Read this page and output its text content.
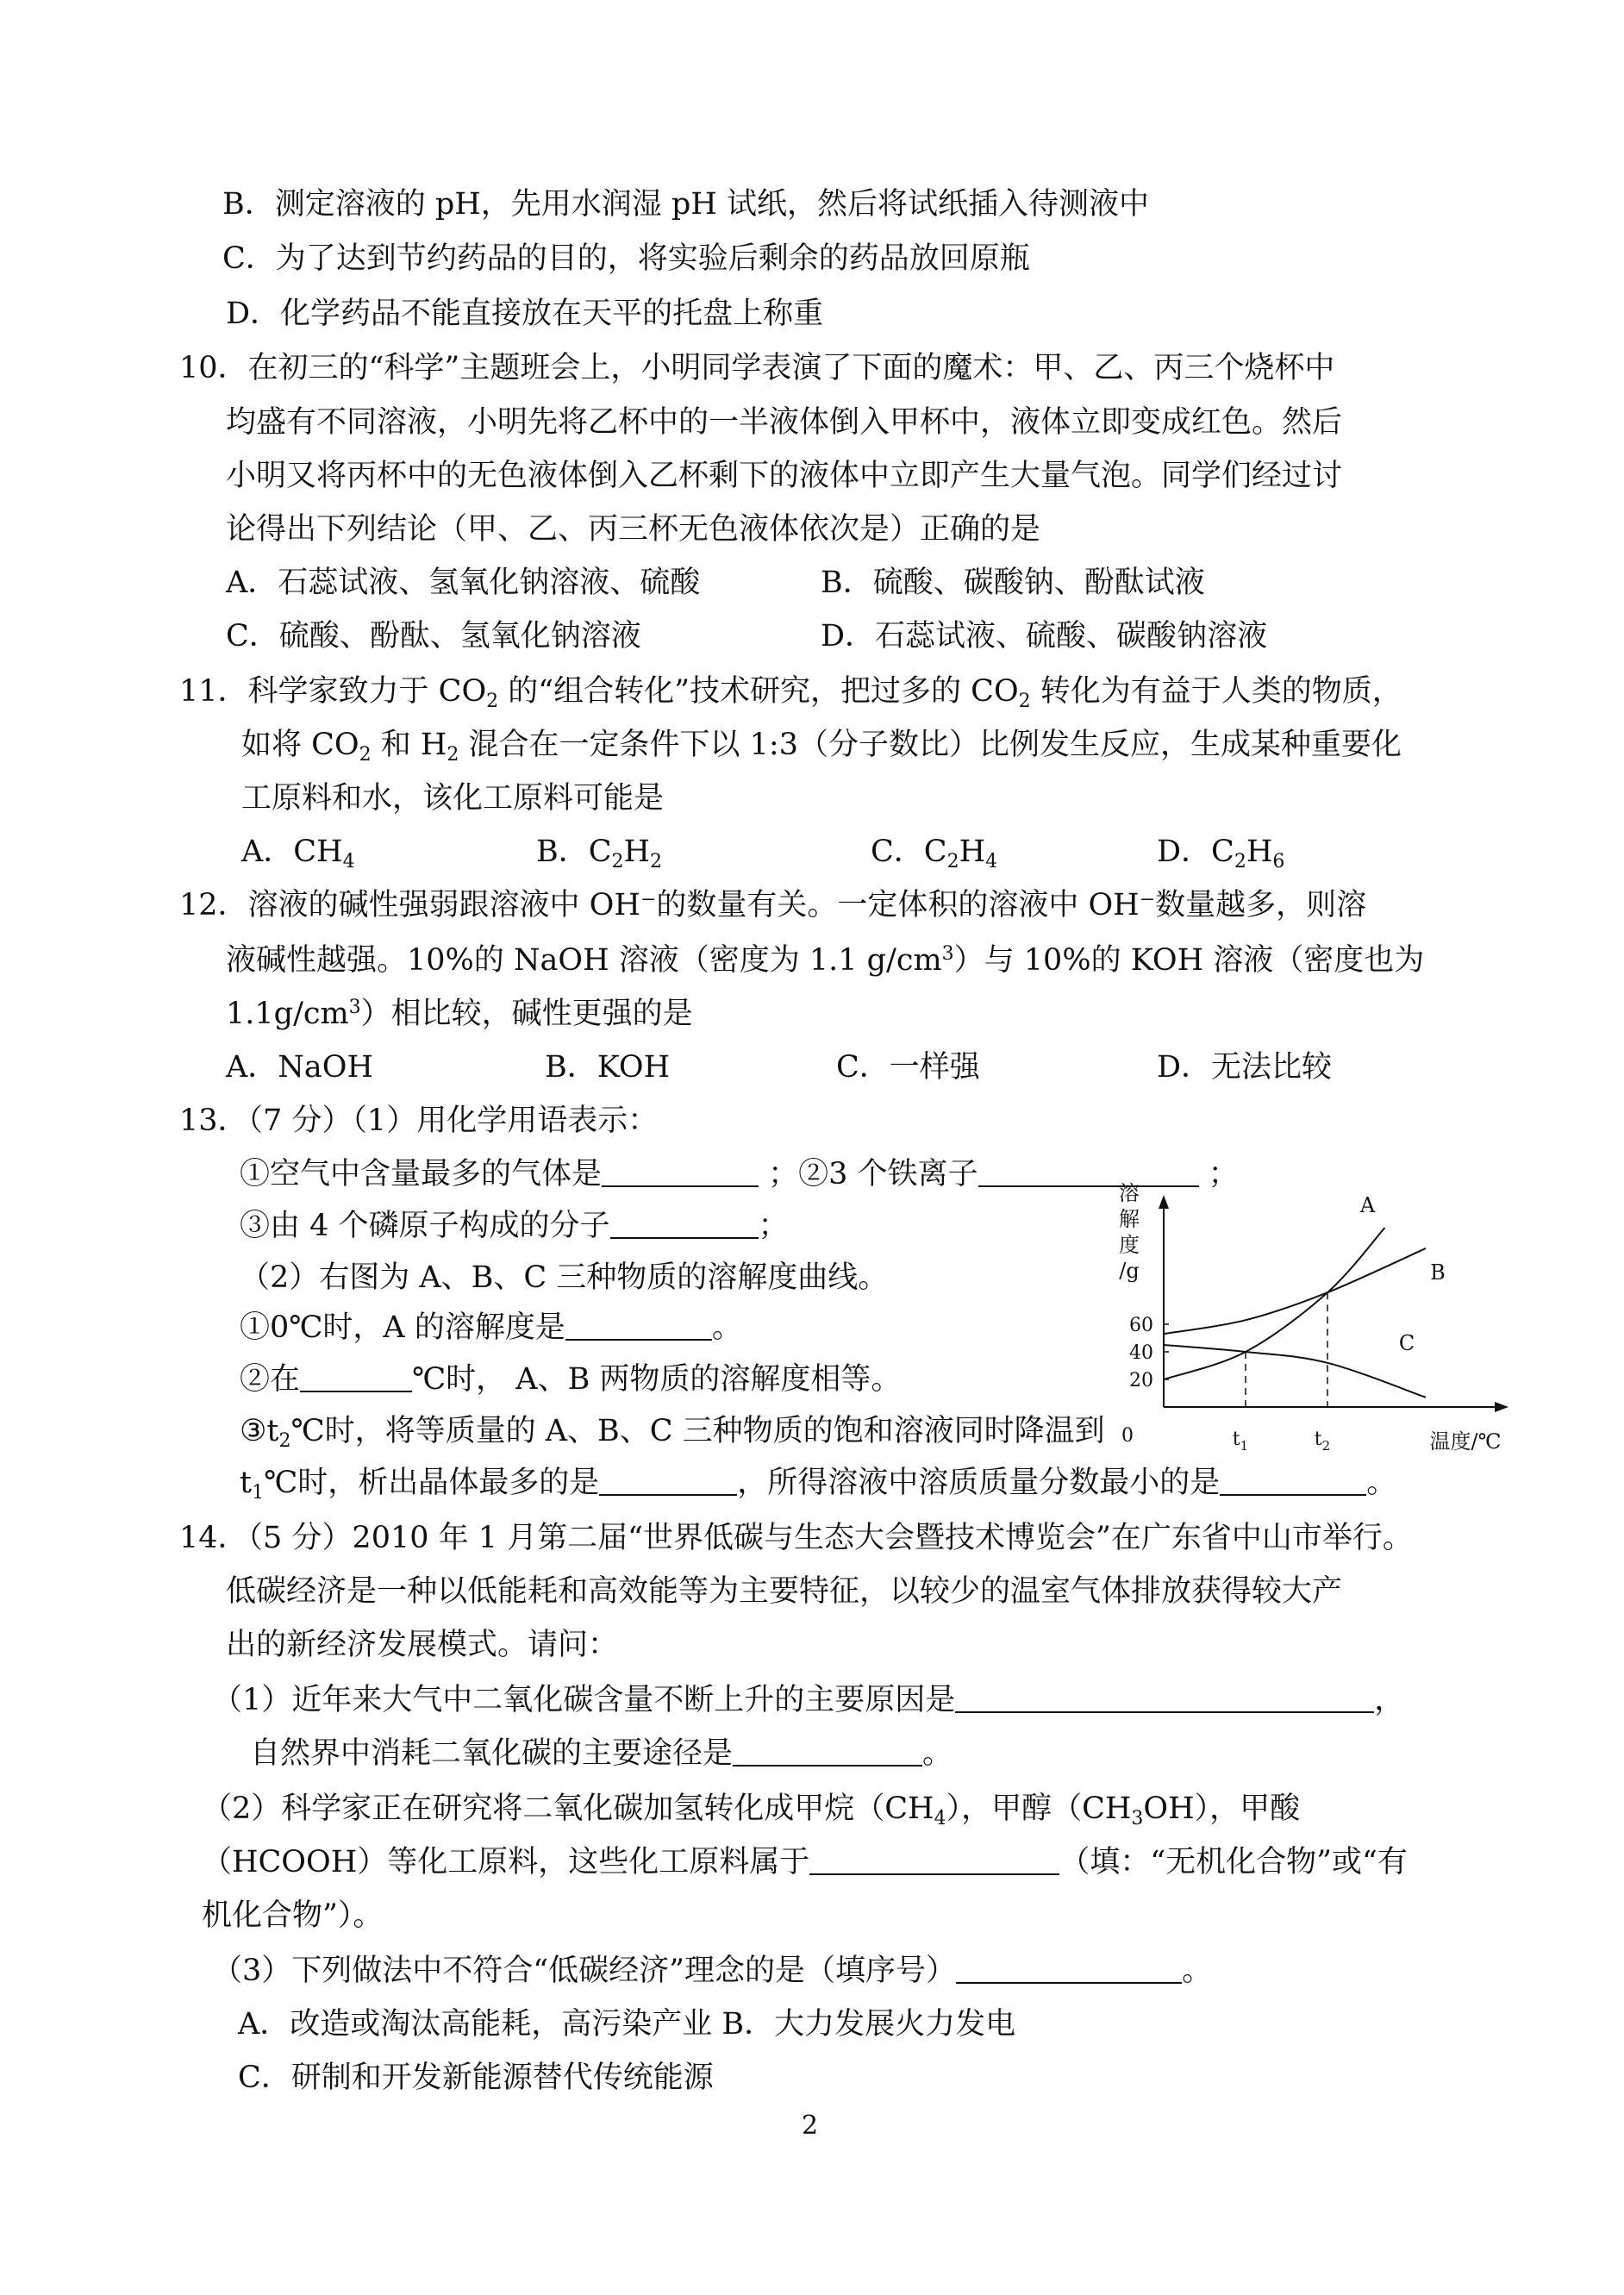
B．测定溶液的 pH，先用水润湿 pH 试纸，然后将试纸插入待测液中
C．为了达到节约药品的目的，将实验后剩余的药品放回原瓶
D．化学药品不能直接放在天平的托盘上称重
10．在初三的“科学”主题班会上，小明同学表演了下面的魔术：甲、乙、丙三个烧杯中
均盛有不同溶液，小明先将乙杯中的一半液体倒入甲杯中，液体立即变成红色。然后
小明又将丙杯中的无色液体倒入乙杯剩下的液体中立即产生大量气泡。同学们经过讨
论得出下列结论（甲、乙、丙三杯无色液体依次是）正确的是
A．石蕊试液、氢氧化钠溶液、硫酸	B．硫酸、碳酸钠、酚酞试液
C．硫酸、酚酞、氢氧化钠溶液	D．石蕊试液、硫酸、碳酸钠溶液
11．科学家致力于 $CO_2$ 的“组合转化”技术研究，把过多的 $CO_2$ 转化为有益于人类的物质，
如将 $CO_2$ 和 $H_2$ 混合在一定条件下以 1:3（分子数比）比例发生反应，生成某种重要化
工原料和水，该化工原料可能是
A．$CH_4$	B．$C_2H_2$	C．$C_2H_4$	D．$C_2H_6$
12．溶液的碱性强弱跟溶液中 OH⁻的数量有关。一定体积的溶液中 OH⁻数量越多，则溶
液碱性越强。10%的 NaOH 溶液（密度为 1.1 $g/cm^3$）与 10%的 KOH 溶液（密度也为
$1.1g/cm^3$）相比较，碱性更强的是
A．NaOH	B．KOH	C．一样强	D．无法比较
13．（7 分）（1）用化学用语表示：
①空气中含量最多的气体是	；②3 个铁离子	；
③由 4 个磷原子构成的分子	；
（2）右图为 A、B、C 三种物质的溶解度曲线。
①0℃时，A 的溶解度是	。
②在	℃时， A、B 两物质的溶解度相等。
$③t_2℃$时，将等质量的 A、B、C 三种物质的饱和溶液同时降温到
$t_1℃$时，析出晶体最多的是	，所得溶液中溶质质量分数最小的是	。
溶
解
度
/g
20
40
60
0	$t_1$	$t_2$	温度/℃
A
B
C
14．（5 分）2010 年 1 月第二届“世界低碳与生态大会暨技术博览会”在广东省中山市举行。
低碳经济是一种以低能耗和高效能等为主要特征，以较少的温室气体排放获得较大产
出的新经济发展模式。请问：
（1）近年来大气中二氧化碳含量不断上升的主要原因是	，
自然界中消耗二氧化碳的主要途径是	。
（2）科学家正在研究将二氧化碳加氢转化成甲烷$(CH_4)$，甲醇$(CH_3OH)$，甲酸
（HCOOH）等化工原料，这些化工原料属于	（填：“无机化合物”或“有
机化合物”）。
（3）下列做法中不符合“低碳经济”理念的是（填序号）	。
A．改造或淘汰高能耗，高污染产业 B．大力发展火力发电
C．研制和开发新能源替代传统能源
2
